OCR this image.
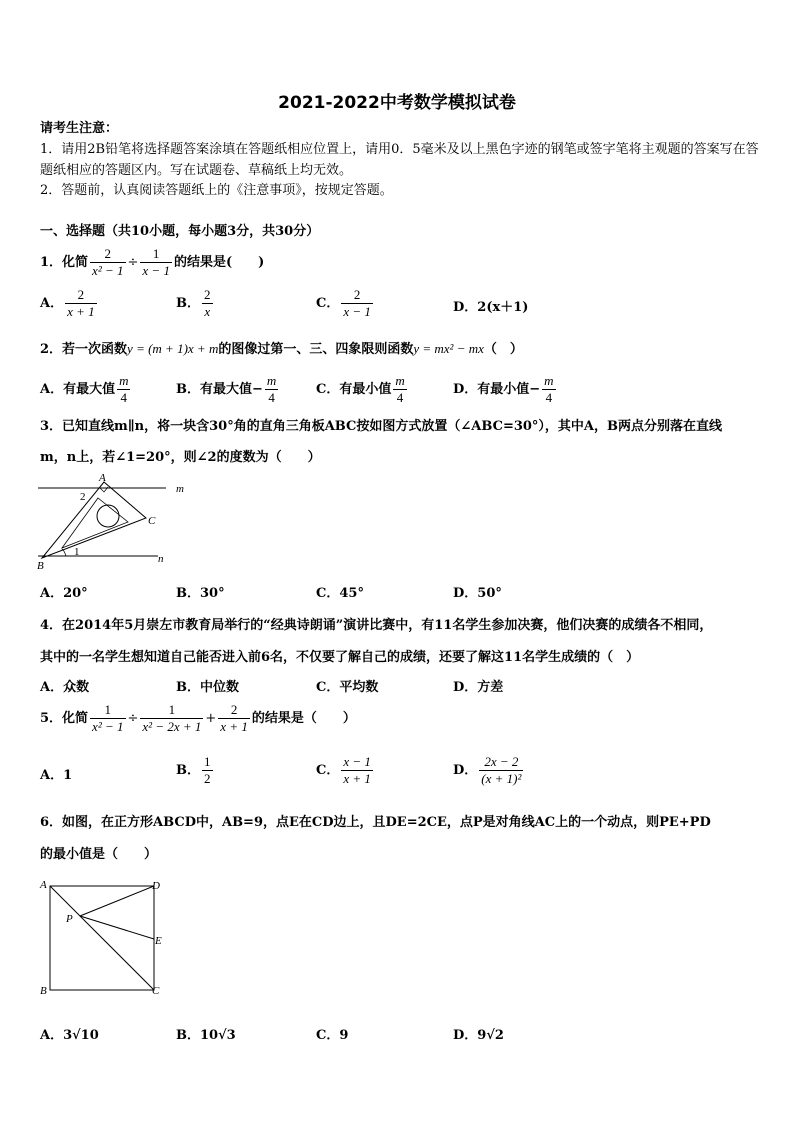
2021-2022中考数学模拟试卷
请考生注意：
1．请用2B铅笔将选择题答案涂填在答题纸相应位置上，请用0．5毫米及以上黑色字迹的钢笔或签字笔将主观题的答案写在答题纸相应的答题区内。写在试题卷、草稿纸上均无效。
2．答题前，认真阅读答题纸上的《注意事项》，按规定答题。
一、选择题（共10小题，每小题3分，共30分）
1．化简 $\frac{2}{\text{x² − 1}} \div \frac{1}{x - 1}$ 的结果是(　　)
A． $\frac{2}{x + 1}$	B． $\frac{2}{x}$	C． $\frac{2}{x - 1}$	D．2(x＋1)
2．若一次函数y = (m + 1)x + m的图像过第一、三、四象限则函数y = mx² − mx（　）
A．有最大值 $\frac{m}{4}$	B．有最大值− $\frac{m}{4}$	C．有最小值 $\frac{m}{4}$	D．有最小值− $\frac{m}{4}$
3．已知直线m∥n，将一块含30°角的直角三角板ABC按如图方式放置（∠ABC=30°），其中A，B两点分别落在直线
m，n上，若∠1=20°，则∠2的度数为（　　）
A
B
C
m
n
1
2
A．20°	B．30°	C．45°	D．50°
4．在2014年5月崇左市教育局举行的“经典诗朗诵”演讲比赛中，有11名学生参加决赛，他们决赛的成绩各不相同，
其中的一名学生想知道自己能否进入前6名，不仅要了解自己的成绩，还要了解这11名学生成绩的（　）
A．众数	B．中位数	C．平均数	D．方差
5．化简 $\frac{1}{\text{x² − 1}} \div \frac{1}{\text{x² − 2x + 1}} + \frac{2}{x + 1}$ 的结果是（　　）
A．1	B． $\frac{1}{2}$	C． $\frac{x - 1}{x + 1}$	D． $\frac{2x - 2}{\text{(x + 1)²}}$
6．如图，在正方形ABCD中，AB=9，点E在CD边上，且DE=2CE，点P是对角线AC上的一个动点，则PE+PD
的最小值是（　　）
A	D
B	C
E
P
A．3√10	B．10√3	C．9	D．9√2
